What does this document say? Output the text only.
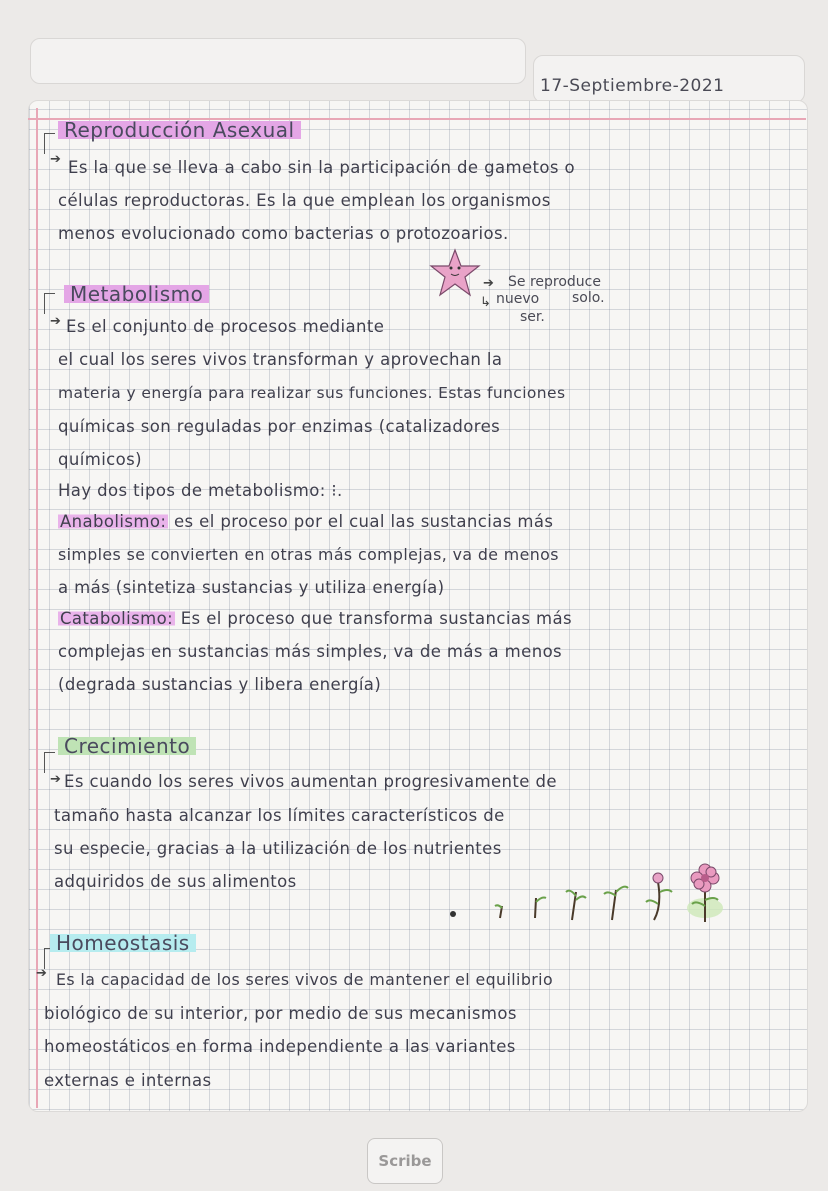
17-Septiembre-2021
➔
Reproducción Asexual
Es la que se lleva a cabo sin la participación de gametos o
células reproductoras. Es la que emplean los organismos
menos evolucionado como bacterias o protozoarios.
➔
Metabolismo	➔ Se reproduce
↳ nuevo solo.
ser.
Es el conjunto de procesos mediante
el cual los seres vivos transforman y aprovechan la
materia y energía para realizar sus funciones. Estas funciones
químicas son reguladas por enzimas (catalizadores
químicos)
Hay dos tipos de metabolismo: ⁝.
Anabolismo: es el proceso por el cual las sustancias más
simples se convierten en otras más complejas, va de menos
a más (sintetiza sustancias y utiliza energía)
Catabolismo: Es el proceso que transforma sustancias más
complejas en sustancias más simples, va de más a menos
(degrada sustancias y libera energía)
➔
Crecimiento
Es cuando los seres vivos aumentan progresivamente de
tamaño hasta alcanzar los límites característicos de
su especie, gracias a la utilización de los nutrientes
adquiridos de sus alimentos
➔
Homeostasis
Es la capacidad de los seres vivos de mantener el equilibrio
biológico de su interior, por medio de sus mecanismos
homeostáticos en forma independiente a las variantes
externas e internas
Scribe
